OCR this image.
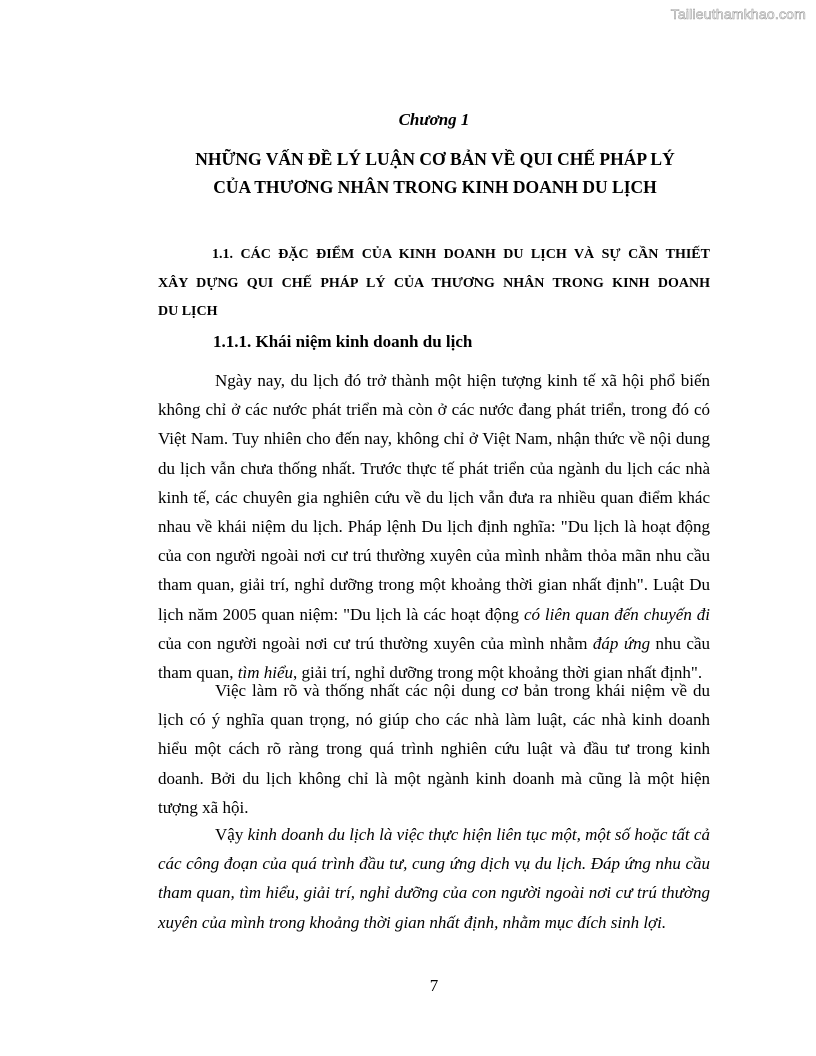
Tailieuthamkhao.com
Chương 1
NHỮNG VẤN ĐỀ LÝ LUẬN CƠ BẢN VỀ QUI CHẾ PHÁP LÝ
CỦA THƯƠNG NHÂN TRONG KINH DOANH DU LỊCH
1.1. CÁC ĐẶC ĐIỂM CỦA KINH DOANH DU LỊCH VÀ SỰ CẦN THIẾT
XÂY DỰNG QUI CHẾ PHÁP LÝ CỦA THƯƠNG NHÂN TRONG KINH DOANH
DU LỊCH
1.1.1. Khái niệm kinh doanh du lịch
Ngày nay, du lịch đó trở thành một hiện tượng kinh tế xã hội phổ biến không chỉ ở các nước phát triển mà còn ở các nước đang phát triển, trong đó có Việt Nam. Tuy nhiên cho đến nay, không chỉ ở Việt Nam, nhận thức về nội dung du lịch vẫn chưa thống nhất. Trước thực tế phát triển của ngành du lịch các nhà kinh tế, các chuyên gia nghiên cứu về du lịch vẫn đưa ra nhiều quan điểm khác nhau về khái niệm du lịch. Pháp lệnh Du lịch định nghĩa: "Du lịch là hoạt động của con người ngoài nơi cư trú thường xuyên của mình nhằm thỏa mãn nhu cầu tham quan, giải trí, nghỉ dưỡng trong một khoảng thời gian nhất định". Luật Du lịch năm 2005 quan niệm: "Du lịch là các hoạt động có liên quan đến chuyến đi của con người ngoài nơi cư trú thường xuyên của mình nhằm đáp ứng nhu cầu tham quan, tìm hiểu, giải trí, nghỉ dưỡng trong một khoảng thời gian nhất định".
Việc làm rõ và thống nhất các nội dung cơ bản trong khái niệm về du lịch có ý nghĩa quan trọng, nó giúp cho các nhà làm luật, các nhà kinh doanh hiểu một cách rõ ràng trong quá trình nghiên cứu luật và đầu tư trong kinh doanh. Bởi du lịch không chỉ là một ngành kinh doanh mà cũng là một hiện tượng xã hội.
Vậy kinh doanh du lịch là việc thực hiện liên tục một, một số hoặc tất cả các công đoạn của quá trình đầu tư, cung ứng dịch vụ du lịch. Đáp ứng nhu cầu tham quan, tìm hiểu, giải trí, nghỉ dưỡng của con người ngoài nơi cư trú thường xuyên của mình trong khoảng thời gian nhất định, nhằm mục đích sinh lợi.
7
